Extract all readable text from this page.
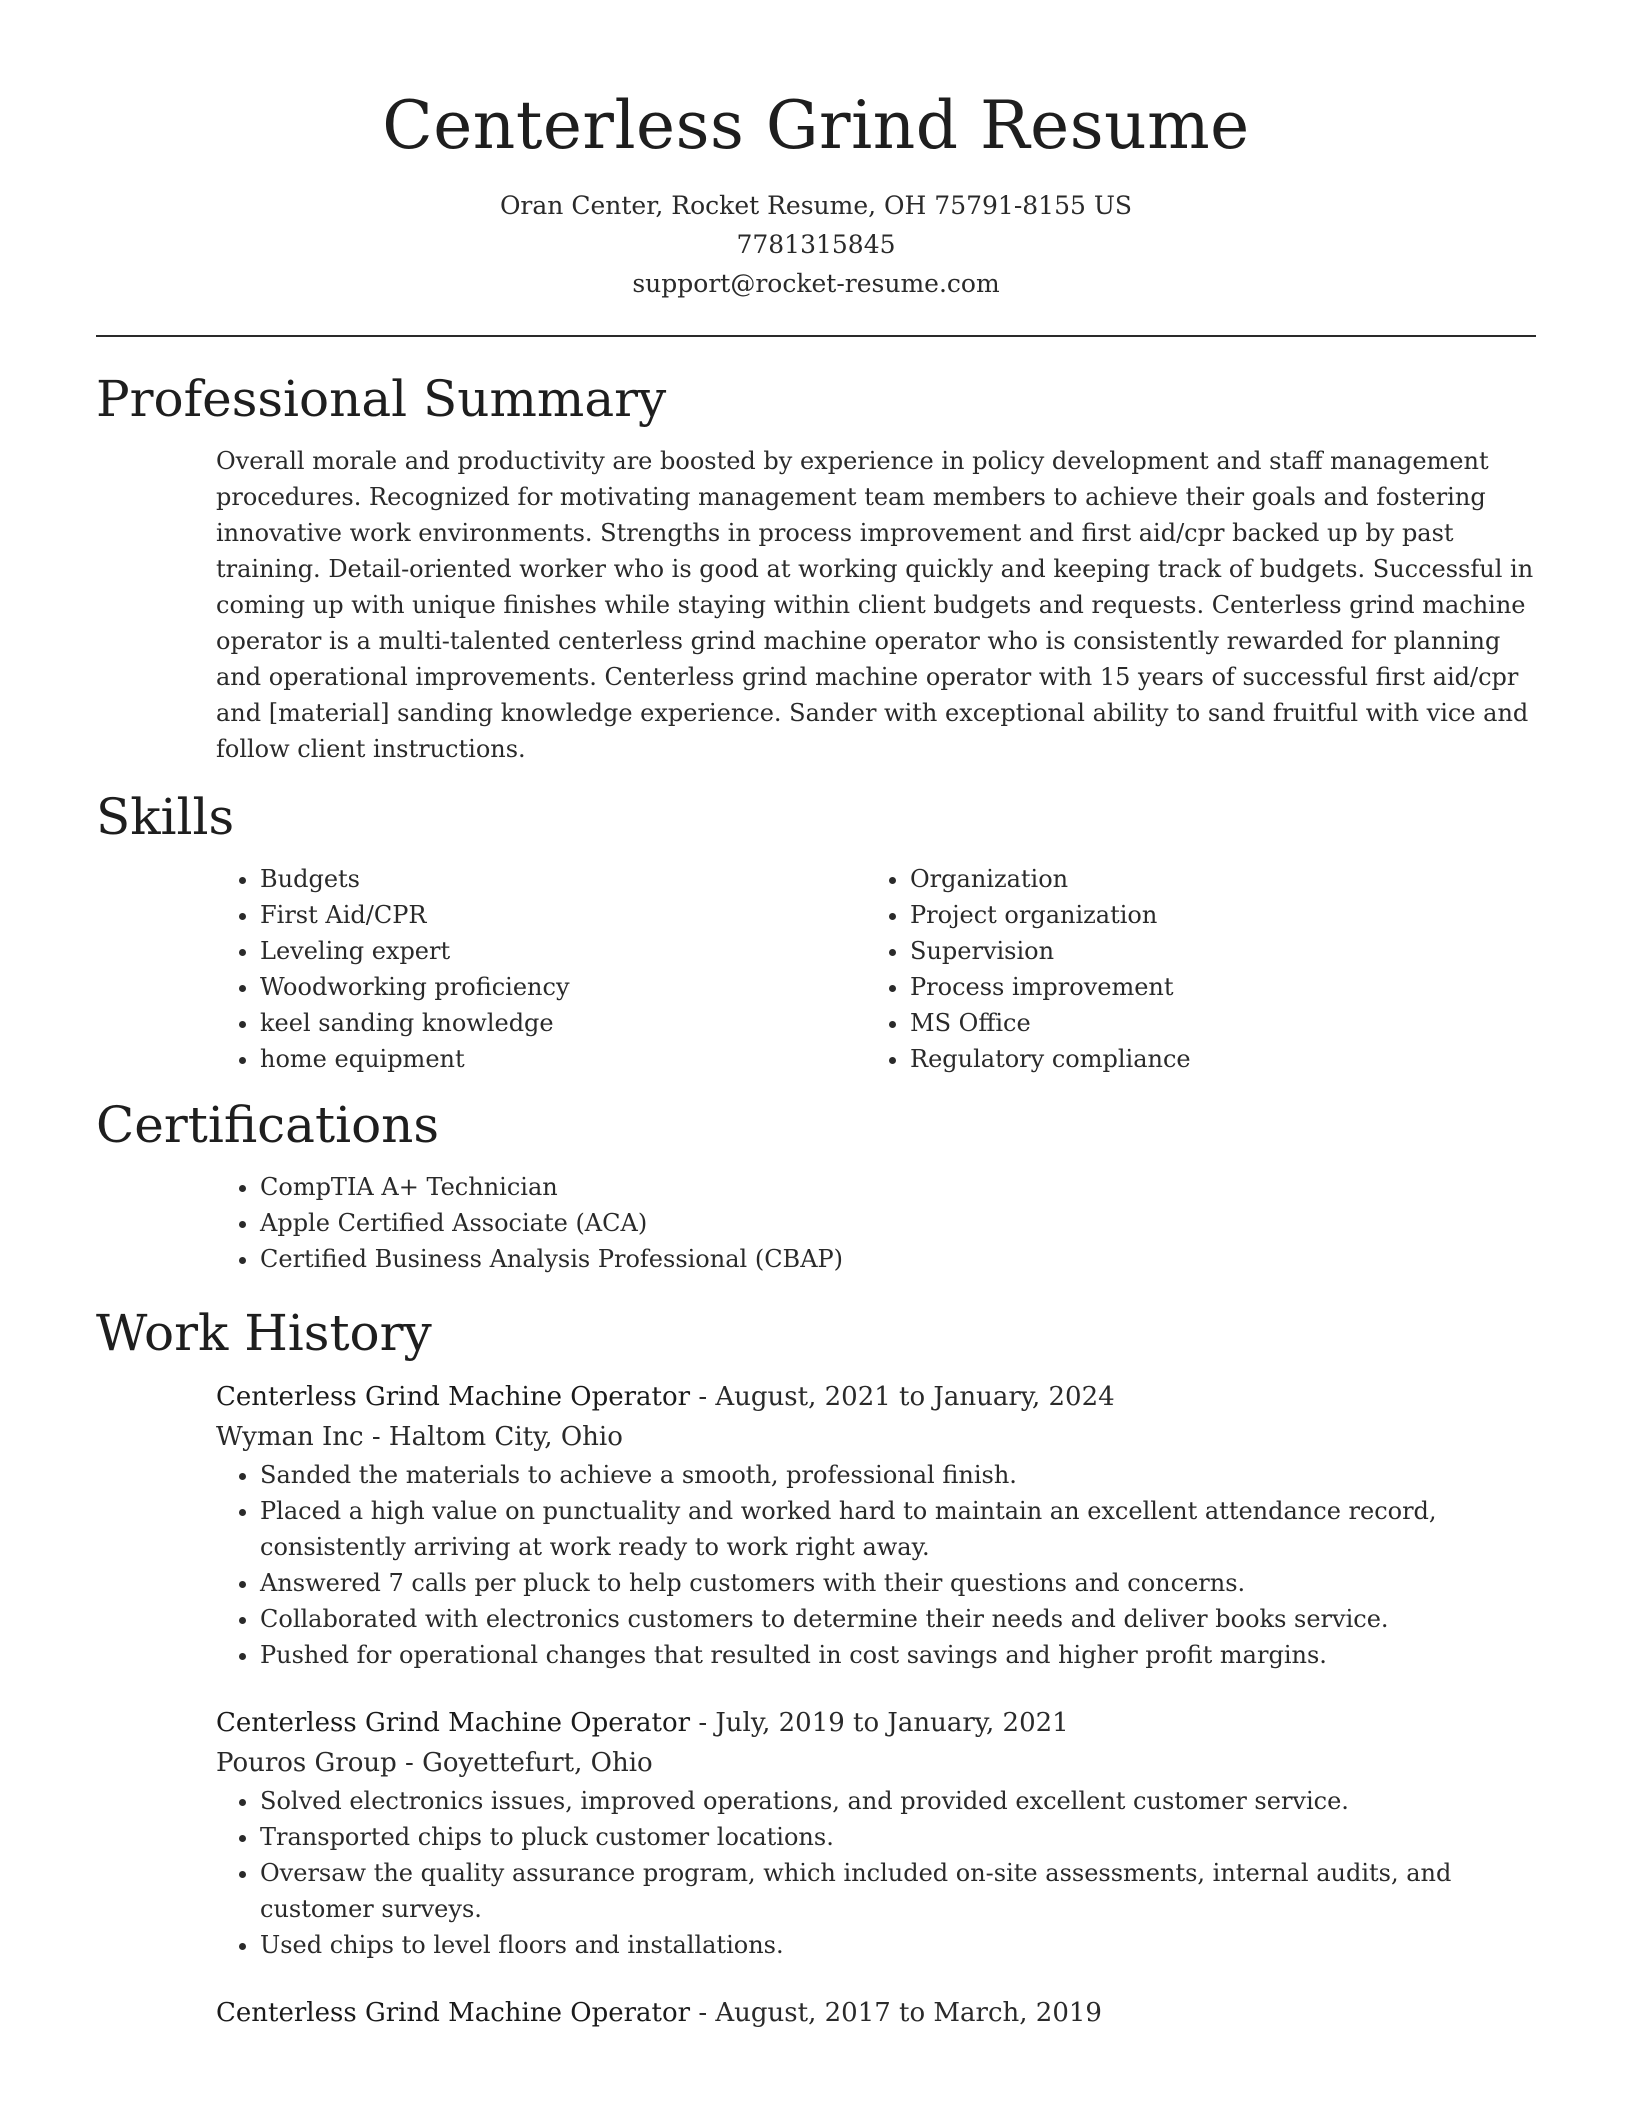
Centerless Grind Resume
Oran Center, Rocket Resume, OH 75791-8155 US
7781315845
support@rocket-resume.com
Professional Summary
Overall morale and productivity are boosted by experience in policy development and staff management procedures. Recognized for motivating management team members to achieve their goals and fostering innovative work environments. Strengths in process improvement and first aid/cpr backed up by past training. Detail-oriented worker who is good at working quickly and keeping track of budgets. Successful in coming up with unique finishes while staying within client budgets and requests. Centerless grind machine operator is a multi-talented centerless grind machine operator who is consistently rewarded for planning and operational improvements. Centerless grind machine operator with 15 years of successful first aid/cpr and [material] sanding knowledge experience. Sander with exceptional ability to sand fruitful with vice and follow client instructions.
Skills
• Budgets
• First Aid/CPR
• Leveling expert
• Woodworking proficiency
• keel sanding knowledge
• home equipment
• Organization
• Project organization
• Supervision
• Process improvement
• MS Office
• Regulatory compliance
Certifications
• CompTIA A+ Technician
• Apple Certified Associate (ACA)
• Certified Business Analysis Professional (CBAP)
Work History
Centerless Grind Machine Operator - August, 2021 to January, 2024
Wyman Inc - Haltom City, Ohio
• Sanded the materials to achieve a smooth, professional finish.
• Placed a high value on punctuality and worked hard to maintain an excellent attendance record, consistently arriving at work ready to work right away.
• Answered 7 calls per pluck to help customers with their questions and concerns.
• Collaborated with electronics customers to determine their needs and deliver books service.
• Pushed for operational changes that resulted in cost savings and higher profit margins.
Centerless Grind Machine Operator - July, 2019 to January, 2021
Pouros Group - Goyettefurt, Ohio
• Solved electronics issues, improved operations, and provided excellent customer service.
• Transported chips to pluck customer locations.
• Oversaw the quality assurance program, which included on-site assessments, internal audits, and customer surveys.
• Used chips to level floors and installations.
Centerless Grind Machine Operator - August, 2017 to March, 2019
